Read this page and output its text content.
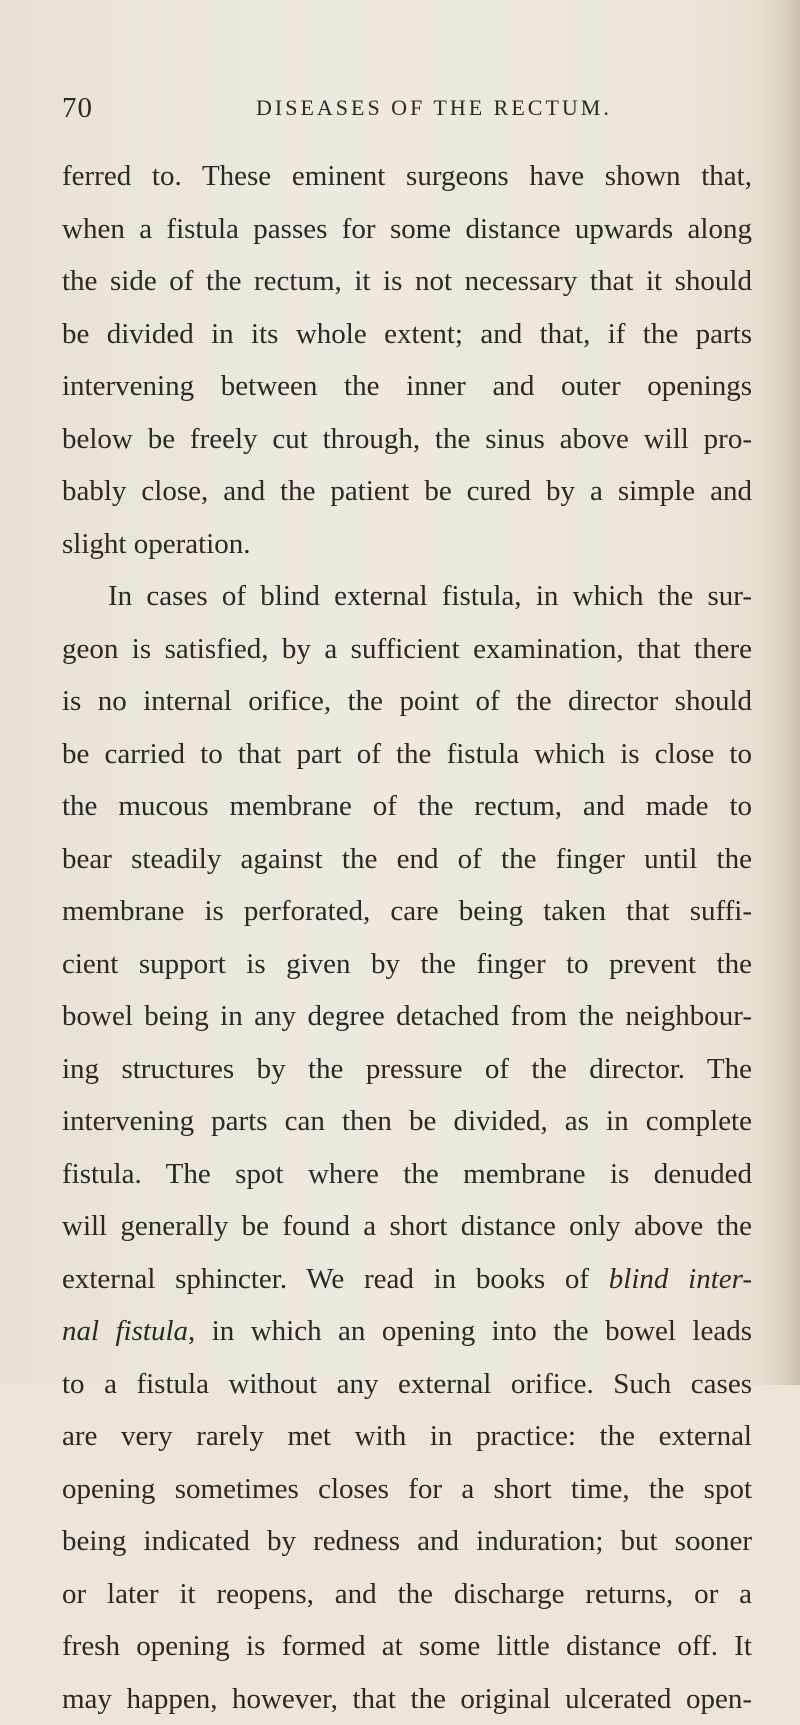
70	DISEASES OF THE RECTUM.
ferred to. These eminent surgeons have shown that,
when a fistula passes for some distance upwards along
the side of the rectum, it is not necessary that it should
be divided in its whole extent; and that, if the parts
intervening between the inner and outer openings
below be freely cut through, the sinus above will pro-
bably close, and the patient be cured by a simple and
slight operation.
In cases of blind external fistula, in which the sur-
geon is satisfied, by a sufficient examination, that there
is no internal orifice, the point of the director should
be carried to that part of the fistula which is close to
the mucous membrane of the rectum, and made to
bear steadily against the end of the finger until the
membrane is perforated, care being taken that suffi-
cient support is given by the finger to prevent the
bowel being in any degree detached from the neighbour-
ing structures by the pressure of the director. The
intervening parts can then be divided, as in complete
fistula. The spot where the membrane is denuded
will generally be found a short distance only above the
external sphincter. We read in books of blind inter-
nal fistula, in which an opening into the bowel leads
to a fistula without any external orifice. Such cases
are very rarely met with in practice: the external
opening sometimes closes for a short time, the spot
being indicated by redness and induration; but sooner
or later it reopens, and the discharge returns, or a
fresh opening is formed at some little distance off. It
may happen, however, that the original ulcerated open-
